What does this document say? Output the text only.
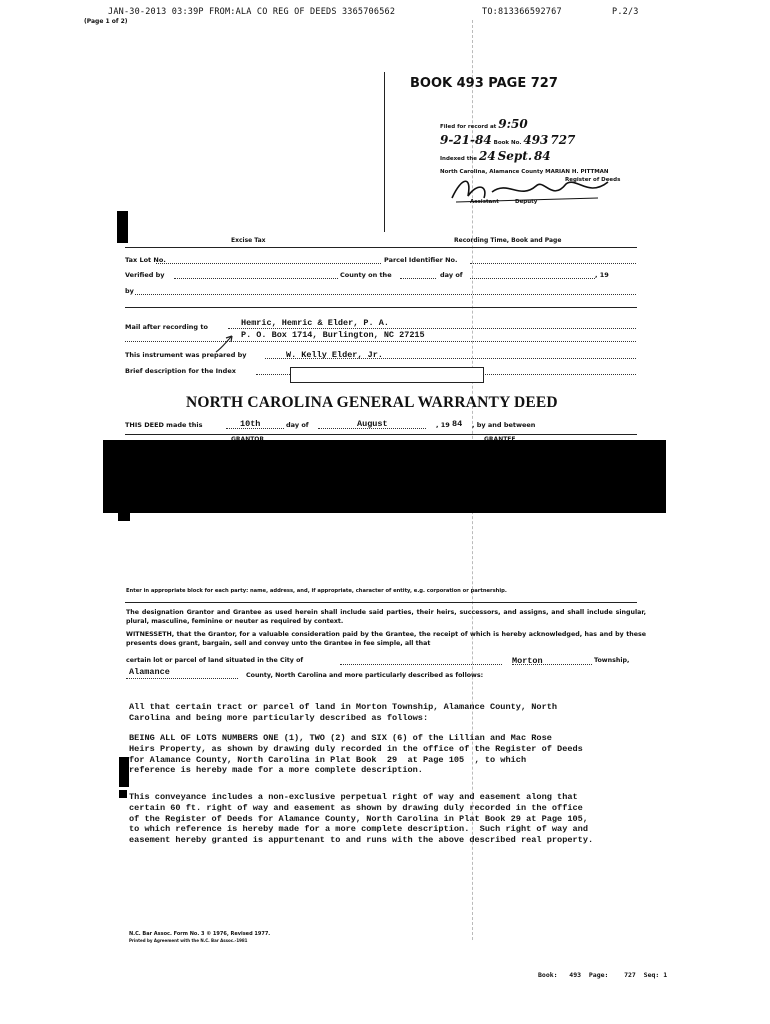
JAN-30-2013 03:39P FROM:ALA CO REG OF DEEDS 3365706562	TO:813366592767	P.2/3
(Page 1 of 2)
BOOK 493 PAGE 727
Filed for record at 9:50
9-21-84 Book No. 493 727
Indexed the 24 Sept. 84
North Carolina, Alamance County MARIAN H. PITTMAN
Register of Deeds
Assistant	Deputy
Excise Tax	Recording Time, Book and Page
Tax Lot No.	Parcel Identifier No.
Verified by	County on the	day of	, 19
by
Mail after recording to	Hemric, Hemric & Elder, P. A.
P. O. Box 1714, Burlington, NC 27215
This instrument was prepared by	W. Kelly Elder, Jr.
Brief description for the Index
NORTH CAROLINA GENERAL WARRANTY DEED
THIS DEED made this	10th	day of	August	, 19 84 , by and between
Enter in appropriate block for each party: name, address, and, if appropriate, character of entity, e.g. corporation or partnership.
The designation Grantor and Grantee as used herein shall include said parties, their heirs, successors, and assigns, and shall include singular, plural, masculine, feminine or neuter as required by context.
WITNESSETH, that the Grantor, for a valuable consideration paid by the Grantee, the receipt of which is hereby acknowledged, has and by these presents does grant, bargain, sell and convey unto the Grantee in fee simple, all that
certain lot or parcel of land situated in the City of	Morton	Township,
Alamance	County, North Carolina and more particularly described as follows:
All that certain tract or parcel of land in Morton Township, Alamance County, North
Carolina and being more particularly described as follows:
BEING ALL OF LOTS NUMBERS ONE (1), TWO (2) and SIX (6) of the Lillian and Mac Rose
Heirs Property, as shown by drawing duly recorded in the office of the Register of Deeds
for Alamance County, North Carolina in Plat Book  29  at Page 105  , to which
reference is hereby made for a more complete description.
This conveyance includes a non-exclusive perpetual right of way and easement along that
certain 60 ft. right of way and easement as shown by drawing duly recorded in the office
of the Register of Deeds for Alamance County, North Carolina in Plat Book 29 at Page 105,
to which reference is hereby made for a more complete description.  Such right of way and
easement hereby granted is appurtenant to and runs with the above described real property.
N.C. Bar Assoc. Form No. 3 © 1976, Revised 1977.
Printed by Agreement with the N.C. Bar Assoc.-1981
Book:   493  Page:    727  Seq: 1
